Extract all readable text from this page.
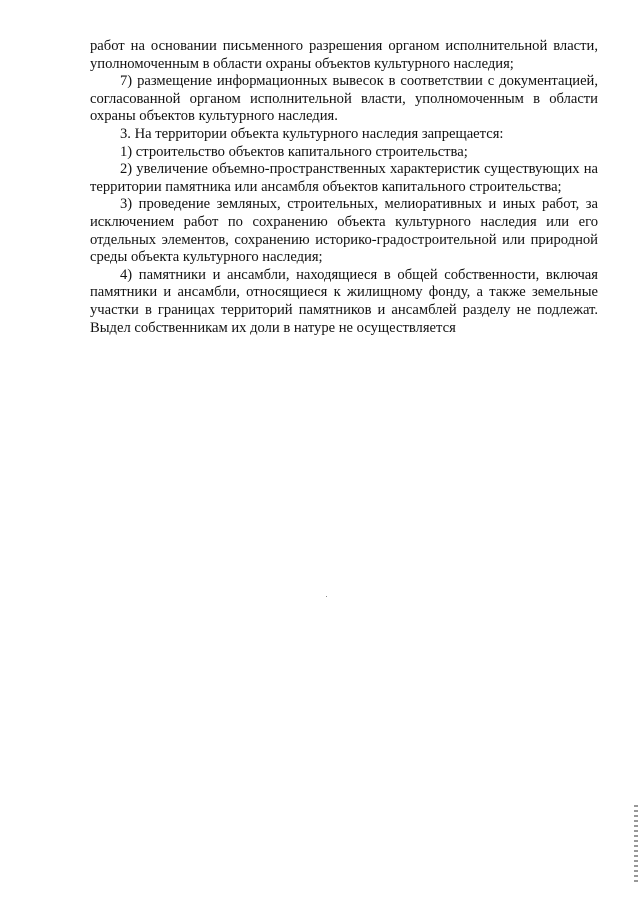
работ на основании письменного разрешения органом исполнительной власти, уполномоченным в области охраны объектов культурного наследия;

7) размещение информационных вывесок в соответствии с документацией, согласованной органом исполнительной власти, уполномоченным в области охраны объектов культурного наследия.

3. На территории объекта культурного наследия запрещается:

1) строительство объектов капитального строительства;

2) увеличение объемно-пространственных характеристик существующих на территории памятника или ансамбля объектов капитального строительства;

3) проведение земляных, строительных, мелиоративных и иных работ, за исключением работ по сохранению объекта культурного наследия или его отдельных элементов, сохранению историко-градостроительной или природной среды объекта культурного наследия;

4) памятники и ансамбли, находящиеся в общей собственности, включая памятники и ансамбли, относящиеся к жилищному фонду, а также земельные участки в границах территорий памятников и ансамблей разделу не подлежат. Выдел собственникам их доли в натуре не осуществляется
